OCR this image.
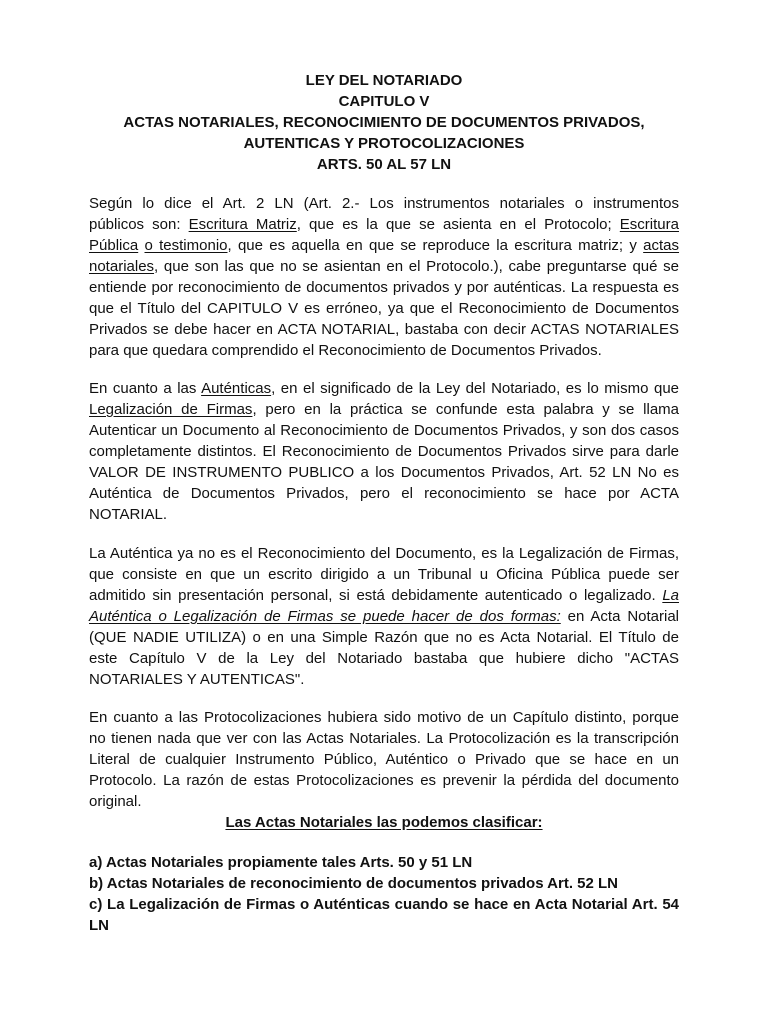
LEY DEL NOTARIADO
CAPITULO V
ACTAS NOTARIALES, RECONOCIMIENTO DE DOCUMENTOS PRIVADOS,
AUTENTICAS Y PROTOCOLIZACIONES
ARTS. 50 AL 57 LN
Según lo dice el Art. 2 LN (Art. 2.- Los instrumentos notariales o instrumentos
públicos son: Escritura Matriz, que es la que se asienta en el Protocolo; Escritura
Pública o testimonio, que es aquella en que se reproduce la escritura matriz; y actas
notariales, que son las que no se asientan en el Protocolo.), cabe preguntarse qué se
entiende por reconocimiento de documentos privados y por auténticas. La respuesta es
que el Título del CAPITULO V es erróneo, ya que el Reconocimiento de Documentos
Privados se debe hacer en ACTA NOTARIAL, bastaba con decir ACTAS NOTARIALES
para que quedara comprendido el Reconocimiento de Documentos Privados.
En cuanto a las Auténticas, en el significado de la Ley del Notariado, es lo mismo que
Legalización de Firmas, pero en la práctica se confunde esta palabra y se llama
Autenticar un Documento al Reconocimiento de Documentos Privados, y son dos casos
completamente distintos. El Reconocimiento de Documentos Privados sirve para darle
VALOR DE INSTRUMENTO PUBLICO a los Documentos Privados, Art. 52 LN No es
Auténtica de Documentos Privados, pero el reconocimiento se hace por ACTA
NOTARIAL.
La Auténtica ya no es el Reconocimiento del Documento, es la Legalización de Firmas,
que consiste en que un escrito dirigido a un Tribunal u Oficina Pública puede ser
admitido sin presentación personal, si está debidamente autenticado o legalizado. La
Auténtica o Legalización de Firmas se puede hacer de dos formas: en Acta Notarial
(QUE NADIE UTILIZA) o en una Simple Razón que no es Acta Notarial. El Título de
este Capítulo V de la Ley del Notariado bastaba que hubiere dicho "ACTAS
NOTARIALES Y AUTENTICAS".
En cuanto a las Protocolizaciones hubiera sido motivo de un Capítulo distinto, porque
no tienen nada que ver con las Actas Notariales. La Protocolización es la transcripción
Literal de cualquier Instrumento Público, Auténtico o Privado que se hace en un
Protocolo. La razón de estas Protocolizaciones es prevenir la pérdida del documento
original.
Las Actas Notariales las podemos clasificar:
a) Actas Notariales propiamente tales Arts. 50 y 51 LN
b) Actas Notariales de reconocimiento de documentos privados Art. 52 LN
c) La Legalización de Firmas o Auténticas cuando se hace en Acta Notarial Art. 54
LN
